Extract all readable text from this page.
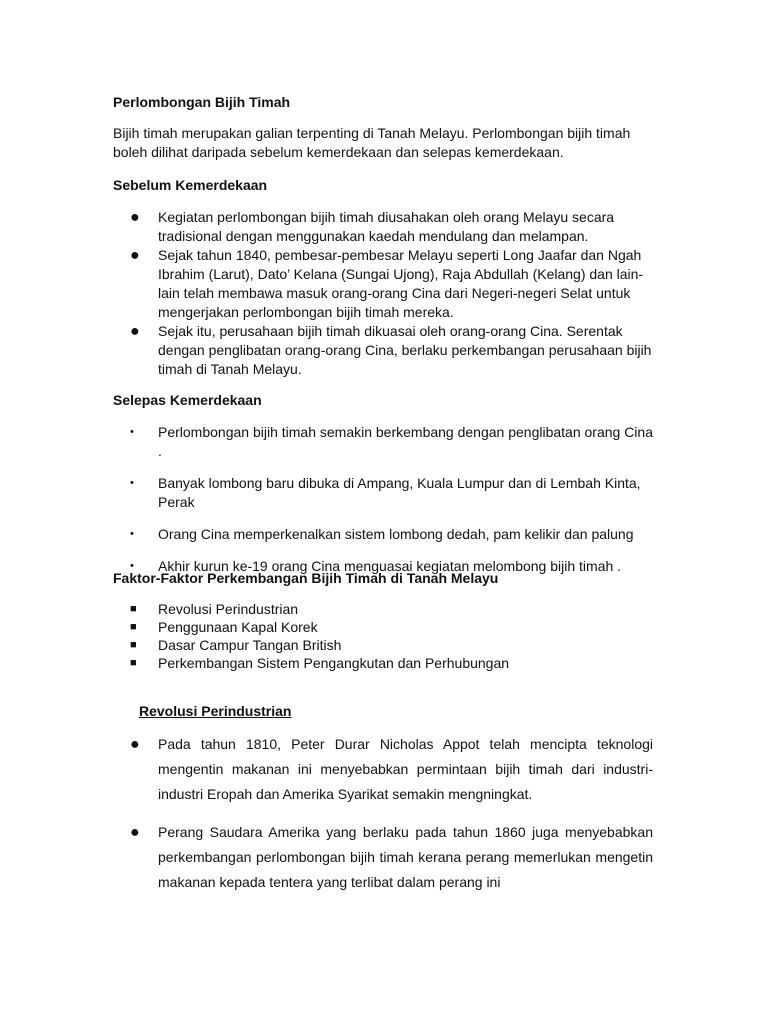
Perlombongan Bijih Timah
Bijih timah merupakan galian terpenting di Tanah Melayu. Perlombongan bijih timah boleh dilihat daripada sebelum kemerdekaan dan selepas kemerdekaan.
Sebelum Kemerdekaan
● Kegiatan perlombongan bijih timah diusahakan oleh orang Melayu secara tradisional dengan menggunakan kaedah mendulang dan melampan.
● Sejak tahun 1840, pembesar-pembesar Melayu seperti Long Jaafar dan Ngah Ibrahim (Larut), Dato’ Kelana (Sungai Ujong), Raja Abdullah (Kelang) dan lain-lain telah membawa masuk orang-orang Cina dari Negeri-negeri Selat untuk mengerjakan perlombongan bijih timah mereka.
● Sejak itu, perusahaan bijih timah dikuasai oleh orang-orang Cina. Serentak dengan penglibatan orang-orang Cina, berlaku perkembangan perusahaan bijih timah di Tanah Melayu.
Selepas Kemerdekaan
• Perlombongan bijih timah semakin berkembang dengan penglibatan orang Cina .
• Banyak lombong baru dibuka di Ampang, Kuala Lumpur dan di Lembah Kinta, Perak
• Orang Cina memperkenalkan sistem lombong dedah, pam kelikir dan palung
• Akhir kurun ke-19 orang Cina menguasai kegiatan melombong bijih timah .
Faktor-Faktor Perkembangan Bijih Timah di Tanah Melayu
■ Revolusi Perindustrian
■ Penggunaan Kapal Korek
■ Dasar Campur Tangan British
■ Perkembangan Sistem Pengangkutan dan Perhubungan
Revolusi Perindustrian
● Pada tahun 1810, Peter Durar Nicholas Appot telah mencipta teknologi mengentin makanan ini menyebabkan permintaan bijih timah dari industri-industri Eropah dan Amerika Syarikat semakin mengningkat.
● Perang Saudara Amerika yang berlaku pada tahun 1860 juga menyebabkan perkembangan perlombongan bijih timah kerana perang memerlukan mengetin makanan kepada tentera yang terlibat dalam perang ini
